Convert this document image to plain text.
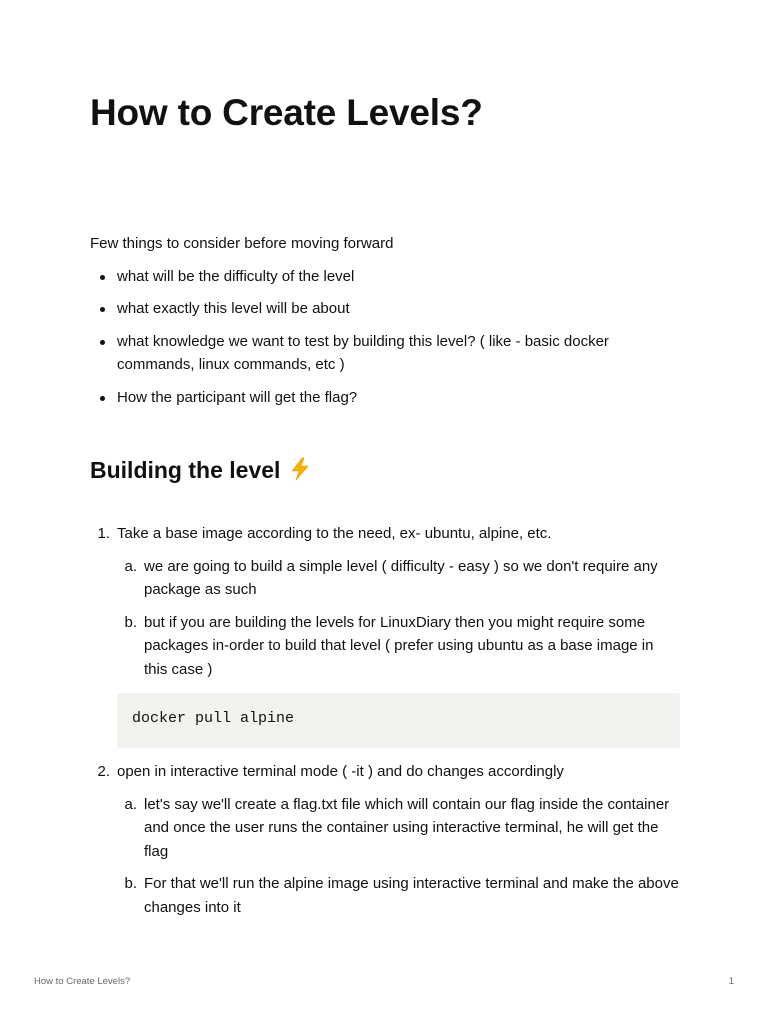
How to Create Levels?

Few things to consider before moving forward

what will be the difficulty of the level
what exactly this level will be about
what knowledge we want to test by building this level? ( like - basic docker commands, linux commands, etc )
How the participant will get the flag?
Building the level
1. Take a base image according to the need, ex- ubuntu, alpine, etc.
a. we are going to build a simple level ( difficulty - easy ) so we don't require any package as such
b. but if you are building the levels for LinuxDiary then you might require some packages in-order to build that level ( prefer using ubuntu as a base image in this case )
docker pull alpine
2. open in interactive terminal mode ( -it ) and do changes accordingly
a. let's say we'll create a flag.txt file which will contain our flag inside the container and once the user runs the container using interactive terminal, he will get the flag
b. For that we'll run the alpine image using interactive terminal and make the above changes into it
How to Create Levels?	1
